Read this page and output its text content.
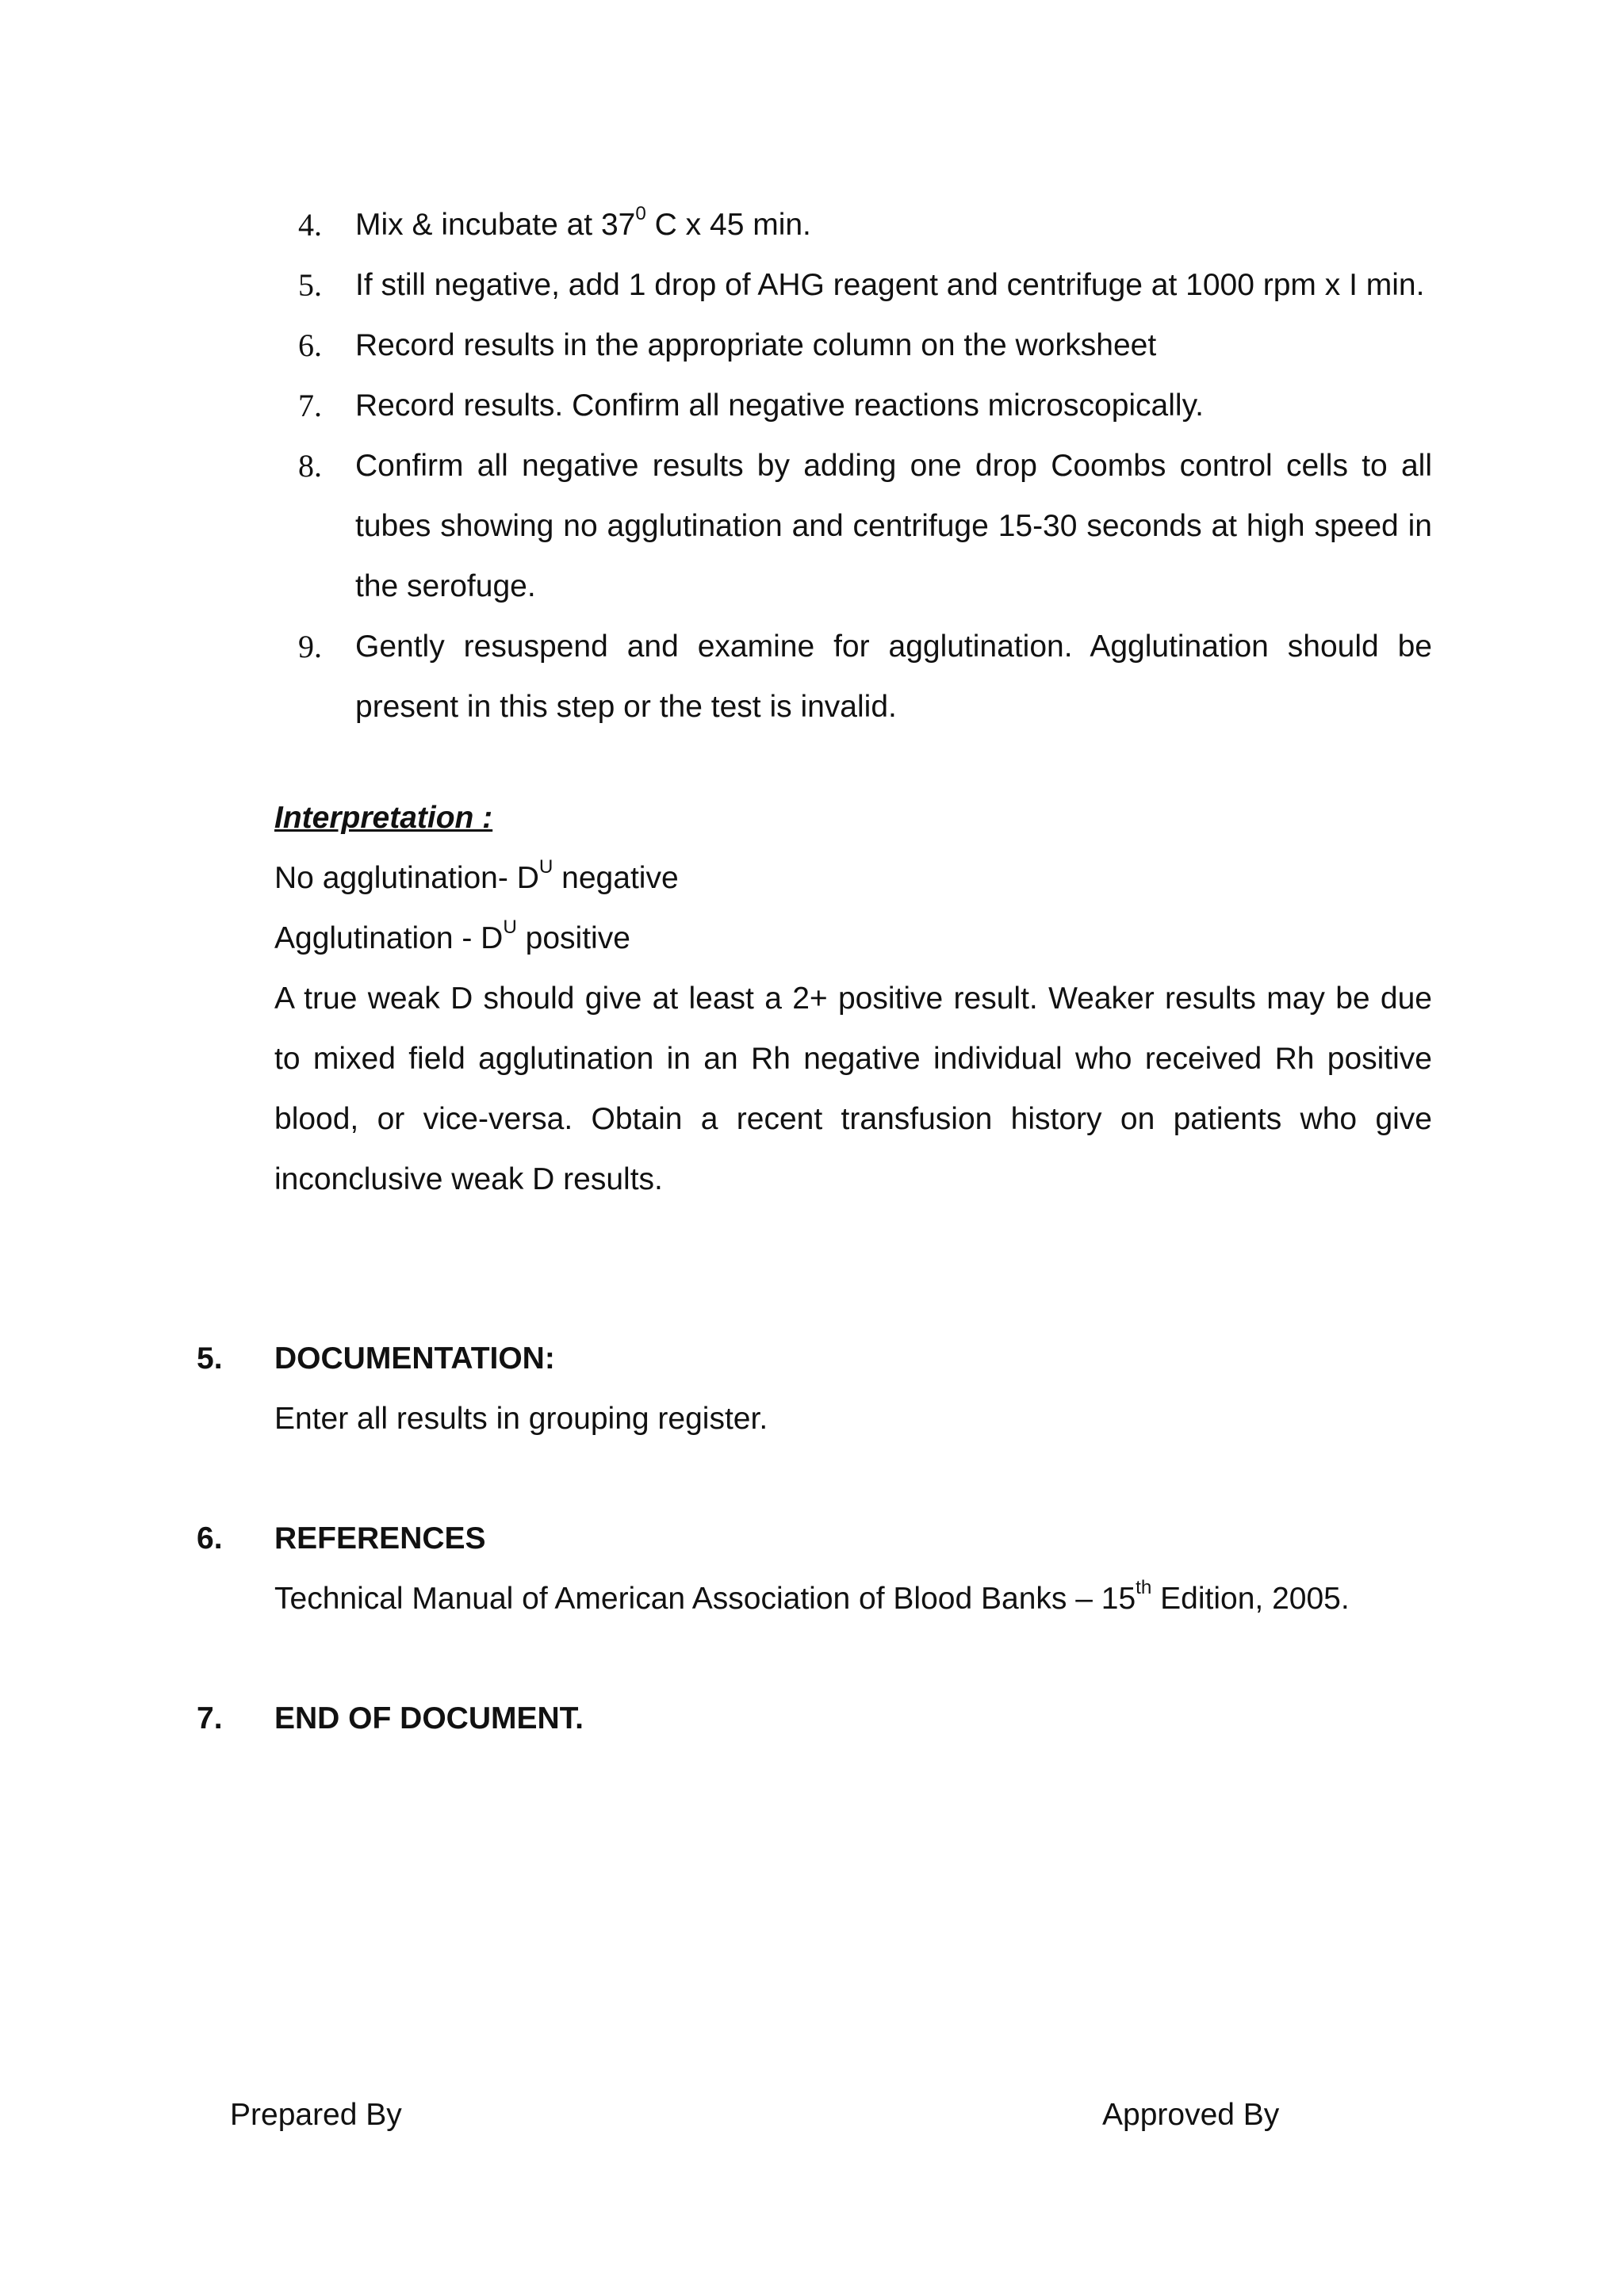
4. Mix & incubate at $37^0$ C x 45 min.
5. If still negative, add 1 drop of AHG reagent and centrifuge at 1000 rpm x I min.
6. Record results in the appropriate column on the worksheet
7. Record results. Confirm all negative reactions microscopically.
8. Confirm all negative results by adding one drop Coombs control cells to all tubes showing no agglutination and centrifuge 15-30 seconds at high speed in the serofuge.
9. Gently resuspend and examine for agglutination. Agglutination should be present in this step or the test is invalid.
Interpretation :
No agglutination- $D^U$ negative
Agglutination - $D^U$ positive
A true weak D should give at least a 2+ positive result. Weaker results may be due to mixed field agglutination in an Rh negative individual who received Rh positive blood, or vice-versa. Obtain a recent transfusion history on patients who give inconclusive weak D results.
5. DOCUMENTATION:
Enter all results in grouping register.
6. REFERENCES
Technical Manual of American Association of Blood Banks – 15th Edition, 2005.
7. END OF DOCUMENT.
Prepared By	Approved By
